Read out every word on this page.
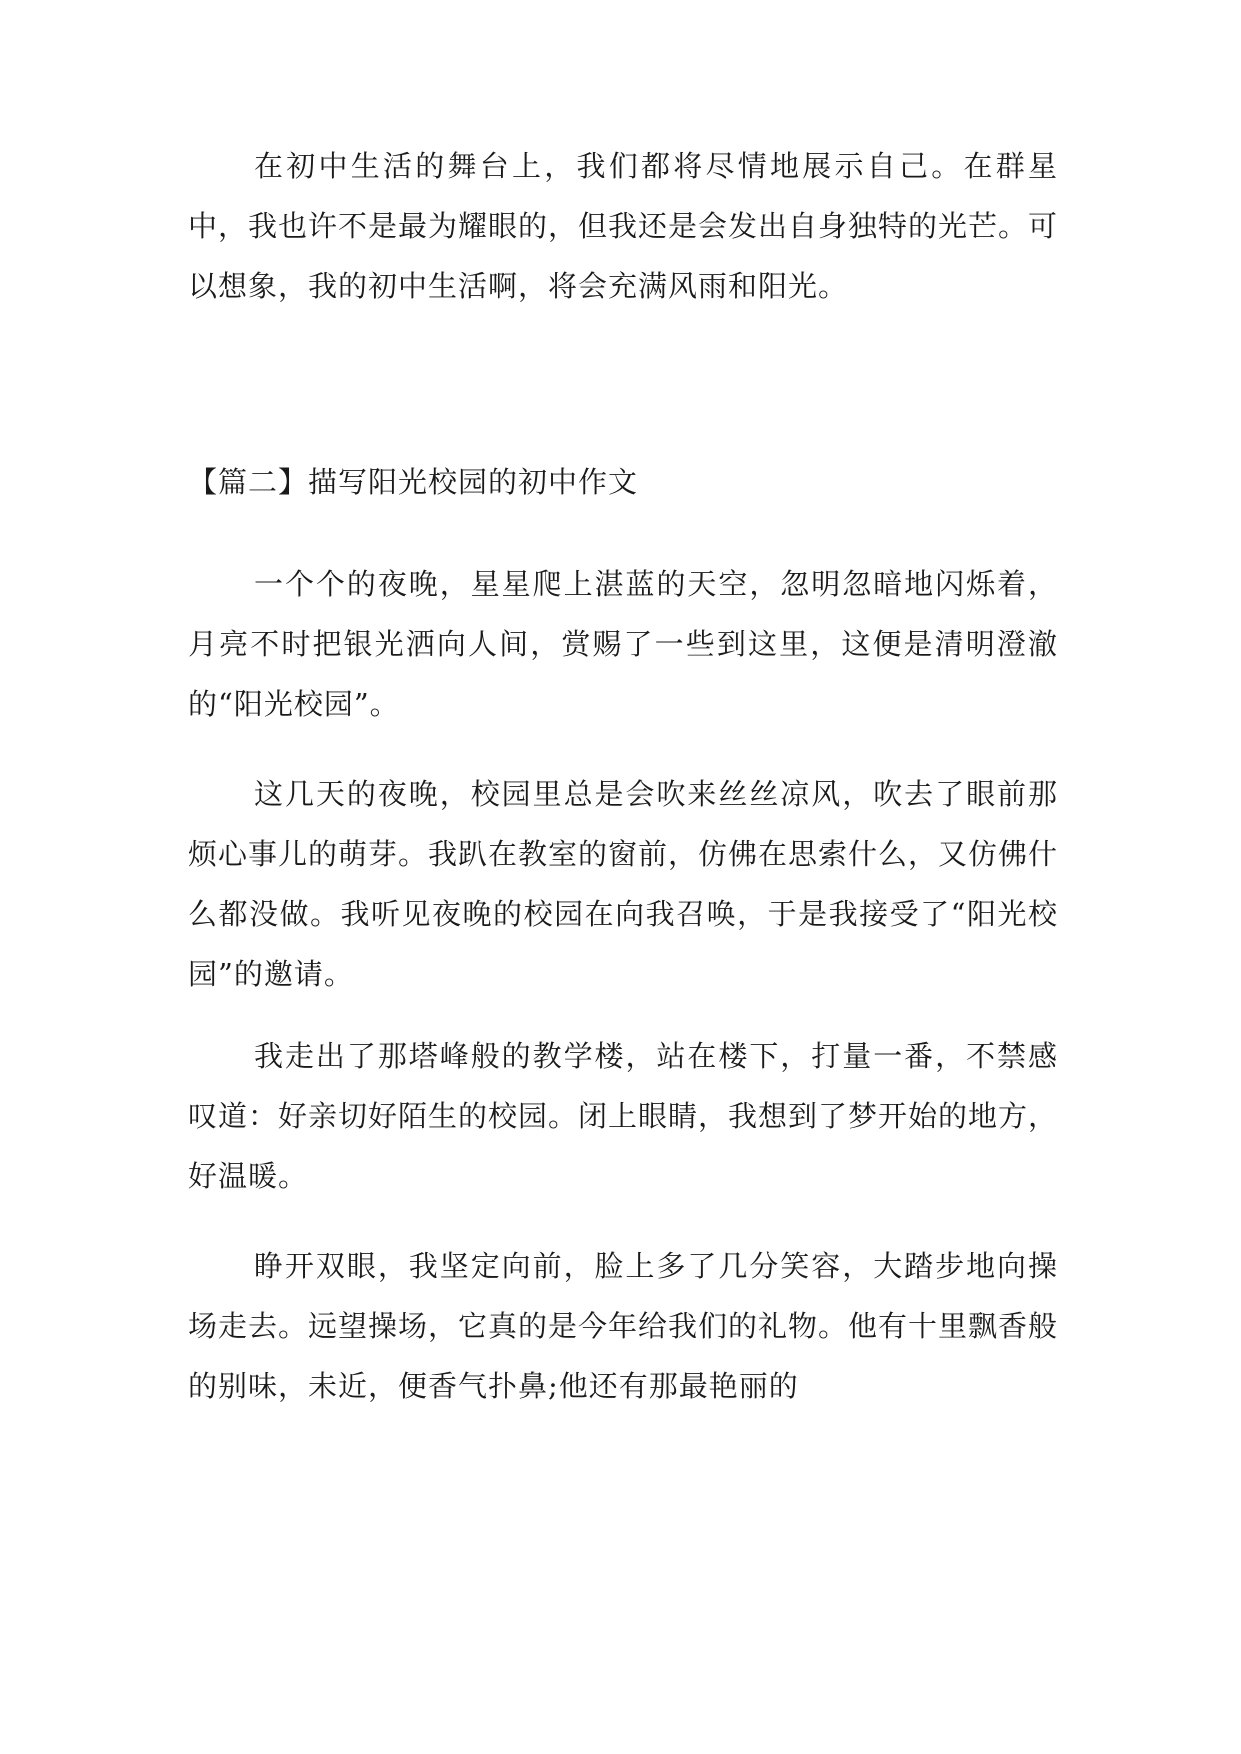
在初中生活的舞台上，我们都将尽情地展示自己。在群星中，我也许不是最为耀眼的，但我还是会发出自身独特的光芒。可以想象，我的初中生活啊，将会充满风雨和阳光。

【篇二】描写阳光校园的初中作文

一个个的夜晚，星星爬上湛蓝的天空，忽明忽暗地闪烁着，月亮不时把银光洒向人间，赏赐了一些到这里，这便是清明澄澈的“阳光校园”。

这几天的夜晚，校园里总是会吹来丝丝凉风，吹去了眼前那烦心事儿的萌芽。我趴在教室的窗前，仿佛在思索什么，又仿佛什么都没做。我听见夜晚的校园在向我召唤，于是我接受了“阳光校园”的邀请。

我走出了那塔峰般的教学楼，站在楼下，打量一番，不禁感叹道：好亲切好陌生的校园。闭上眼睛，我想到了梦开始的地方，好温暖。

睁开双眼，我坚定向前，脸上多了几分笑容，大踏步地向操场走去。远望操场，它真的是今年给我们的礼物。他有十里飘香般的别味，未近，便香气扑鼻;他还有那最艳丽的
